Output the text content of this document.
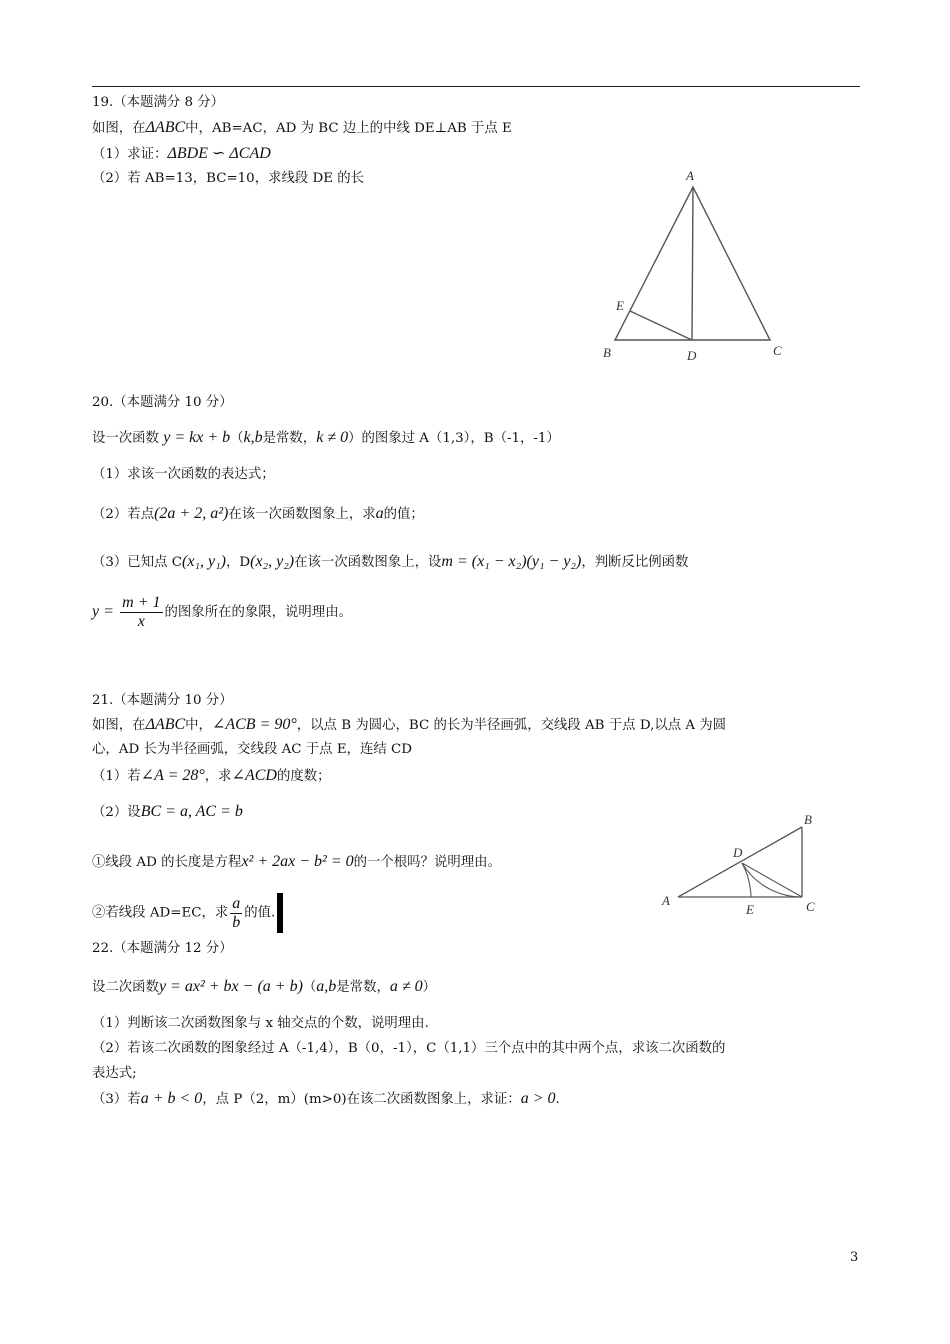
19.（本题满分 8 分）
如图，在ΔABC中，AB=AC，AD 为 BC 边上的中线 DE⊥AB 于点 E
（1）求证：ΔBDE ∽ ΔCAD
（2）若 AB=13，BC=10，求线段 DE 的长	A
B	C
D
E
20.（本题满分 10 分）
设一次函数 y = kx + b（k,b是常数，k ≠ 0）的图象过 A（1,3），B（-1，-1）
（1）求该一次函数的表达式；
（2）若点(2a + 2, a²)在该一次函数图象上，求a的值；
（3）已知点 C(x₁, y₁)，D(x₂, y₂)在该一次函数图象上，设m = (x₁ − x₂)(y₁ − y₂)，判断反比例函数
$y = \frac{m + 1}{x}$ 的图象所在的象限，说明理由。
21.（本题满分 10 分）
如图，在ΔABC中，∠ACB = 90°，以点 B 为圆心，BC 的长为半径画弧，交线段 AB 于点 D,以点 A 为圆
心，AD 长为半径画弧，交线段 AC 于点 E，连结 CD
（1）若∠A = 28°，求∠ACD的度数；
（2）设BC = a, AC = b
①线段 AD 的长度是方程x² + 2ax − b² = 0的一个根吗？说明理由。
②若线段 AD=EC，求 $\frac{a}{b}$ 的值.
A
B
C
D
E
22.（本题满分 12 分）
设二次函数y = ax² + bx − (a + b)（a,b是常数，a ≠ 0）
（1）判断该二次函数图象与 x 轴交点的个数，说明理由.
（2）若该二次函数的图象经过 A（-1,4），B（0，-1），C（1,1）三个点中的其中两个点，求该二次函数的
表达式;
（3）若a + b < 0，点 P（2，m）(m>0)在该二次函数图象上，求证：a > 0.
3
